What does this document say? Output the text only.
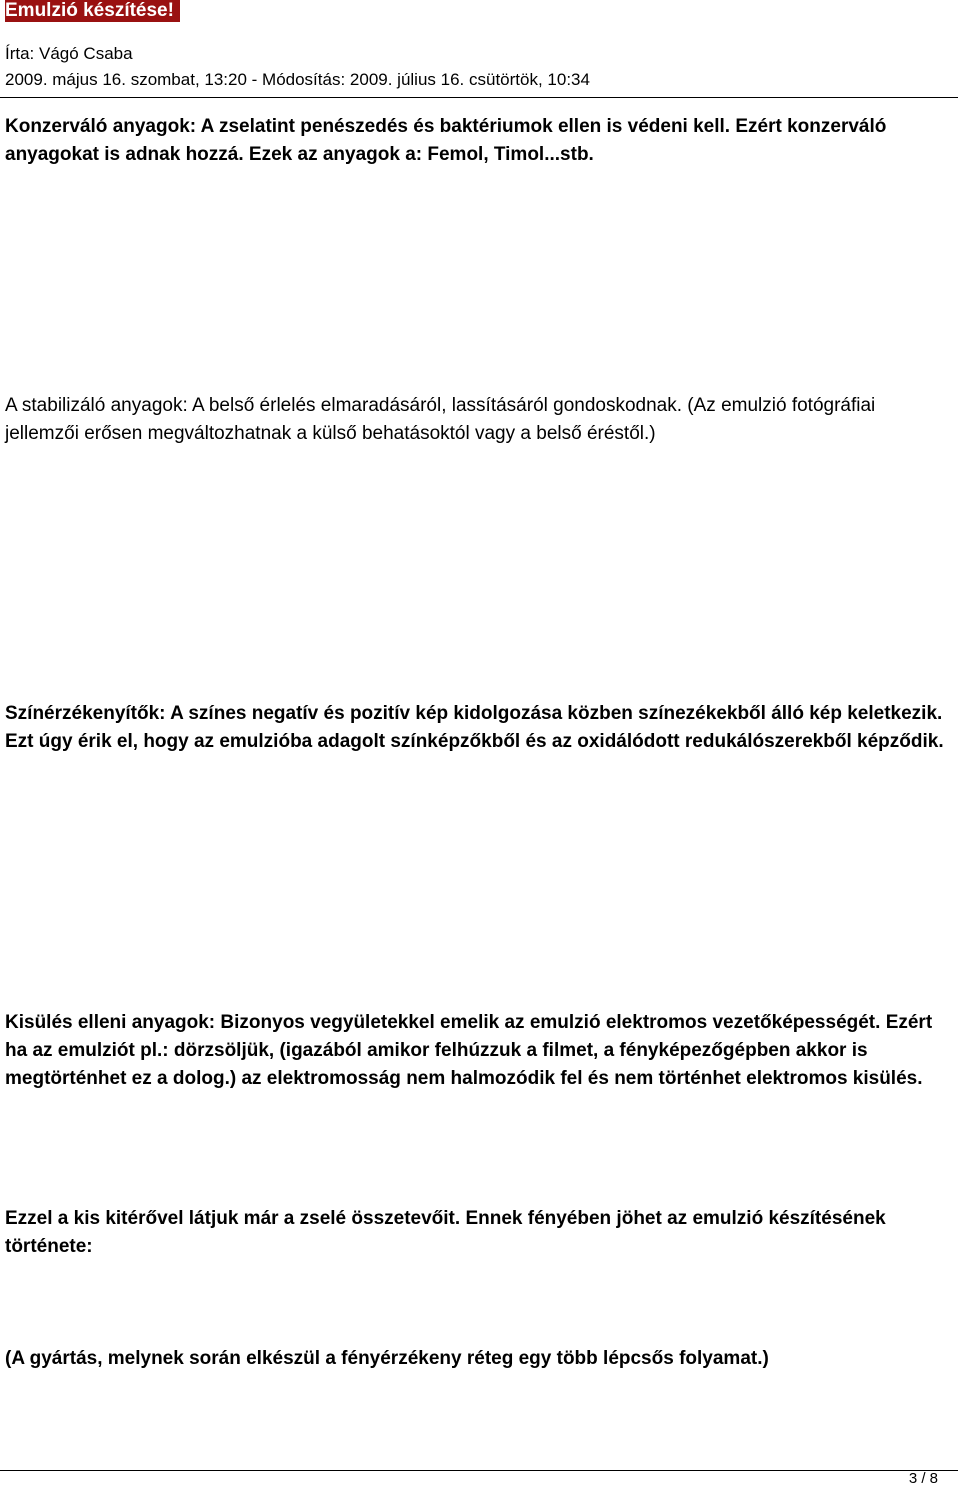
Emulzió készítése!
Írta: Vágó Csaba
2009. május 16. szombat, 13:20 - Módosítás: 2009. július 16. csütörtök, 10:34

Konzerváló anyagok: A zselatint penészedés és baktériumok ellen is védeni kell. Ezért konzerváló anyagokat is adnak hozzá. Ezek az anyagok a: Femol, Timol...stb.

A stabilizáló anyagok: A belső érlelés elmaradásáról, lassításáról gondoskodnak. (Az emulzió fotógráfiai jellemzői erősen megváltozhatnak a külső behatásoktól vagy a belső éréstől.)

Színérzékenyítők: A színes negatív és pozitív kép kidolgozása közben színezékekből álló kép keletkezik. Ezt úgy érik el, hogy az emulzióba adagolt színképzőkből és az oxidálódott redukálószerekből képződik.

Kisülés elleni anyagok: Bizonyos vegyületekkel emelik az emulzió elektromos vezetőképességét. Ezért ha az emulziót pl.: dörzsöljük, (igazából amikor felhúzzuk a filmet, a fényképezőgépben akkor is megtörténhet ez a dolog.) az elektromosság nem halmozódik fel és nem történhet elektromos kisülés.

Ezzel a kis kitérővel látjuk már a zselé összetevőit. Ennek fényében jöhet az emulzió készítésének története:

(A gyártás, melynek során elkészül a fényérzékeny réteg egy több lépcsős folyamat.)

3 / 8
